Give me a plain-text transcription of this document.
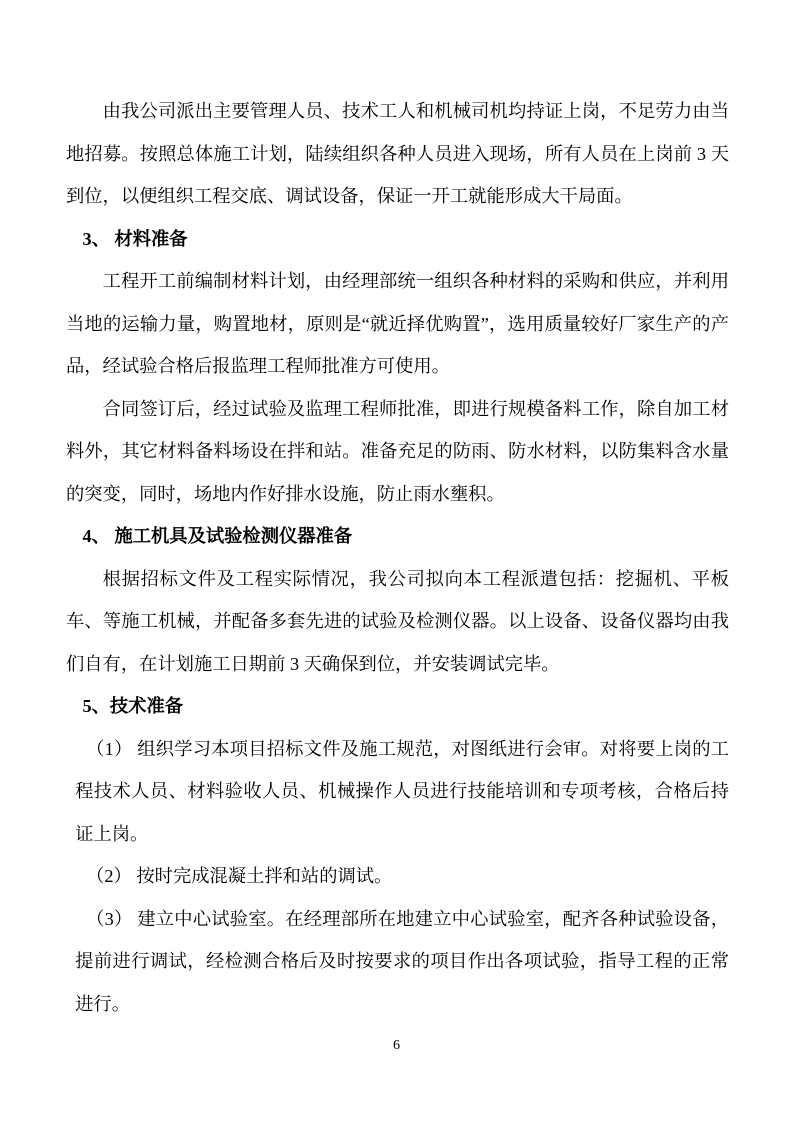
由我公司派出主要管理人员、技术工人和机械司机均持证上岗，不足劳力由当地招募。按照总体施工计划，陆续组织各种人员进入现场，所有人员在上岗前 3 天到位，以便组织工程交底、调试设备，保证一开工就能形成大干局面。

3、 材料准备

工程开工前编制材料计划，由经理部统一组织各种材料的采购和供应，并利用当地的运输力量，购置地材，原则是“就近择优购置”，选用质量较好厂家生产的产品，经试验合格后报监理工程师批准方可使用。

合同签订后，经过试验及监理工程师批准，即进行规模备料工作，除自加工材料外，其它材料备料场设在拌和站。准备充足的防雨、防水材料，以防集料含水量的突变，同时，场地内作好排水设施，防止雨水壅积。

4、 施工机具及试验检测仪器准备

根据招标文件及工程实际情况，我公司拟向本工程派遣包括：挖掘机、平板车、等施工机械，并配备多套先进的试验及检测仪器。以上设备、设备仪器均由我们自有，在计划施工日期前 3 天确保到位，并安装调试完毕。

5、技术准备

（1） 组织学习本项目招标文件及施工规范，对图纸进行会审。对将要上岗的工程技术人员、材料验收人员、机械操作人员进行技能培训和专项考核，合格后持证上岗。

（2） 按时完成混凝土拌和站的调试。

（3） 建立中心试验室。在经理部所在地建立中心试验室，配齐各种试验设备，提前进行调试，经检测合格后及时按要求的项目作出各项试验，指导工程的正常进行。

6
